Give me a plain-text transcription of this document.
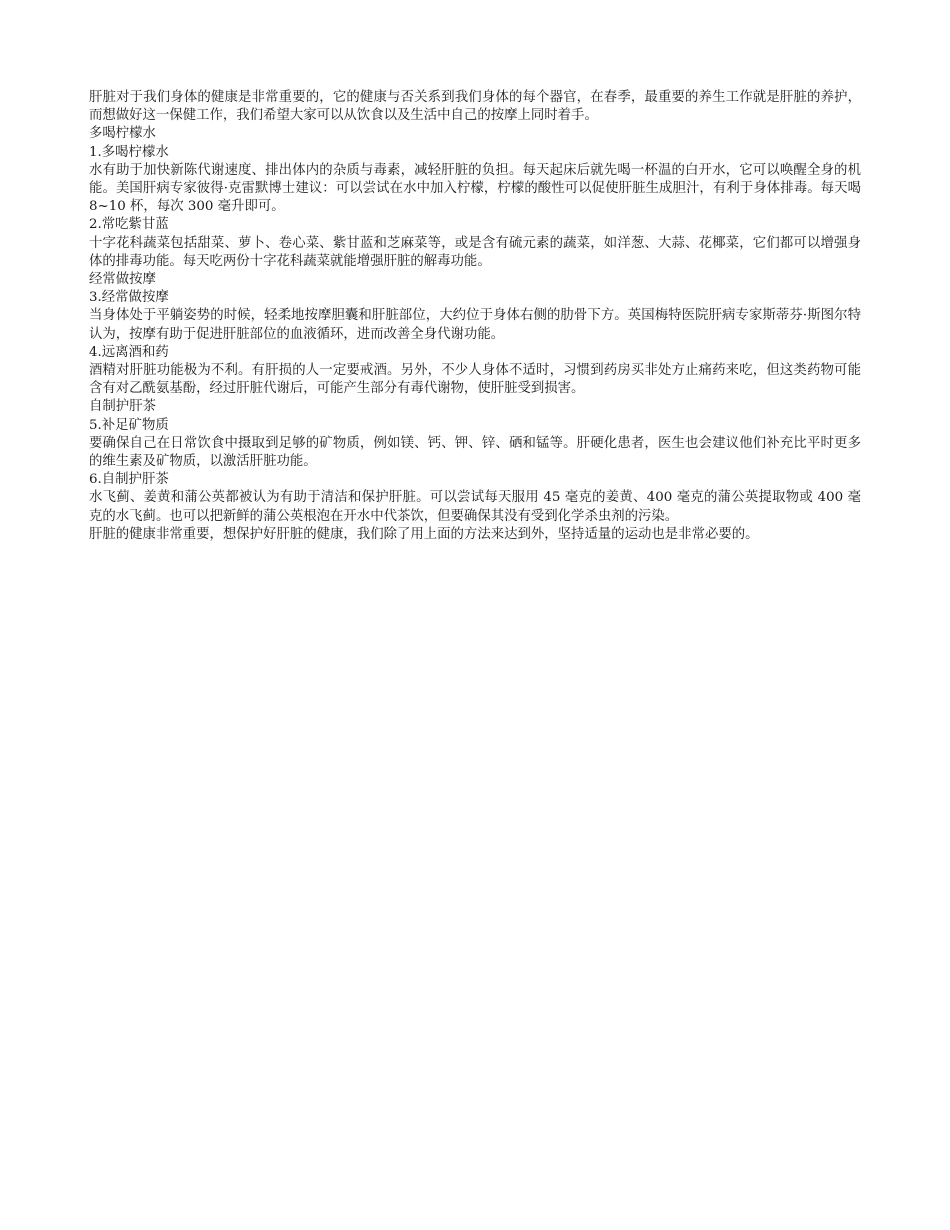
肝脏对于我们身体的健康是非常重要的，它的健康与否关系到我们身体的每个器官，在春季，最重要的养生工作就是肝脏的养护，而想做好这一保健工作，我们希望大家可以从饮食以及生活中自己的按摩上同时着手。

多喝柠檬水

1.多喝柠檬水

水有助于加快新陈代谢速度、排出体内的杂质与毒素，减轻肝脏的负担。每天起床后就先喝一杯温的白开水，它可以唤醒全身的机能。美国肝病专家彼得·克雷默博士建议：可以尝试在水中加入柠檬，柠檬的酸性可以促使肝脏生成胆汁，有利于身体排毒。每天喝 8~10 杯，每次 300 毫升即可。

2.常吃紫甘蓝

十字花科蔬菜包括甜菜、萝卜、卷心菜、紫甘蓝和芝麻菜等，或是含有硫元素的蔬菜，如洋葱、大蒜、花椰菜，它们都可以增强身体的排毒功能。每天吃两份十字花科蔬菜就能增强肝脏的解毒功能。

经常做按摩

3.经常做按摩

当身体处于平躺姿势的时候，轻柔地按摩胆囊和肝脏部位，大约位于身体右侧的肋骨下方。英国梅特医院肝病专家斯蒂芬·斯图尔特认为，按摩有助于促进肝脏部位的血液循环，进而改善全身代谢功能。

4.远离酒和药

酒精对肝脏功能极为不利。有肝损的人一定要戒酒。另外，不少人身体不适时，习惯到药房买非处方止痛药来吃，但这类药物可能含有对乙酰氨基酚，经过肝脏代谢后，可能产生部分有毒代谢物，使肝脏受到损害。

自制护肝茶

5.补足矿物质

要确保自己在日常饮食中摄取到足够的矿物质，例如镁、钙、钾、锌、硒和锰等。肝硬化患者，医生也会建议他们补充比平时更多的维生素及矿物质，以激活肝脏功能。

6.自制护肝茶

水飞蓟、姜黄和蒲公英都被认为有助于清洁和保护肝脏。可以尝试每天服用 45 毫克的姜黄、400 毫克的蒲公英提取物或 400 毫克的水飞蓟。也可以把新鲜的蒲公英根泡在开水中代茶饮，但要确保其没有受到化学杀虫剂的污染。

肝脏的健康非常重要，想保护好肝脏的健康，我们除了用上面的方法来达到外，坚持适量的运动也是非常必要的。
